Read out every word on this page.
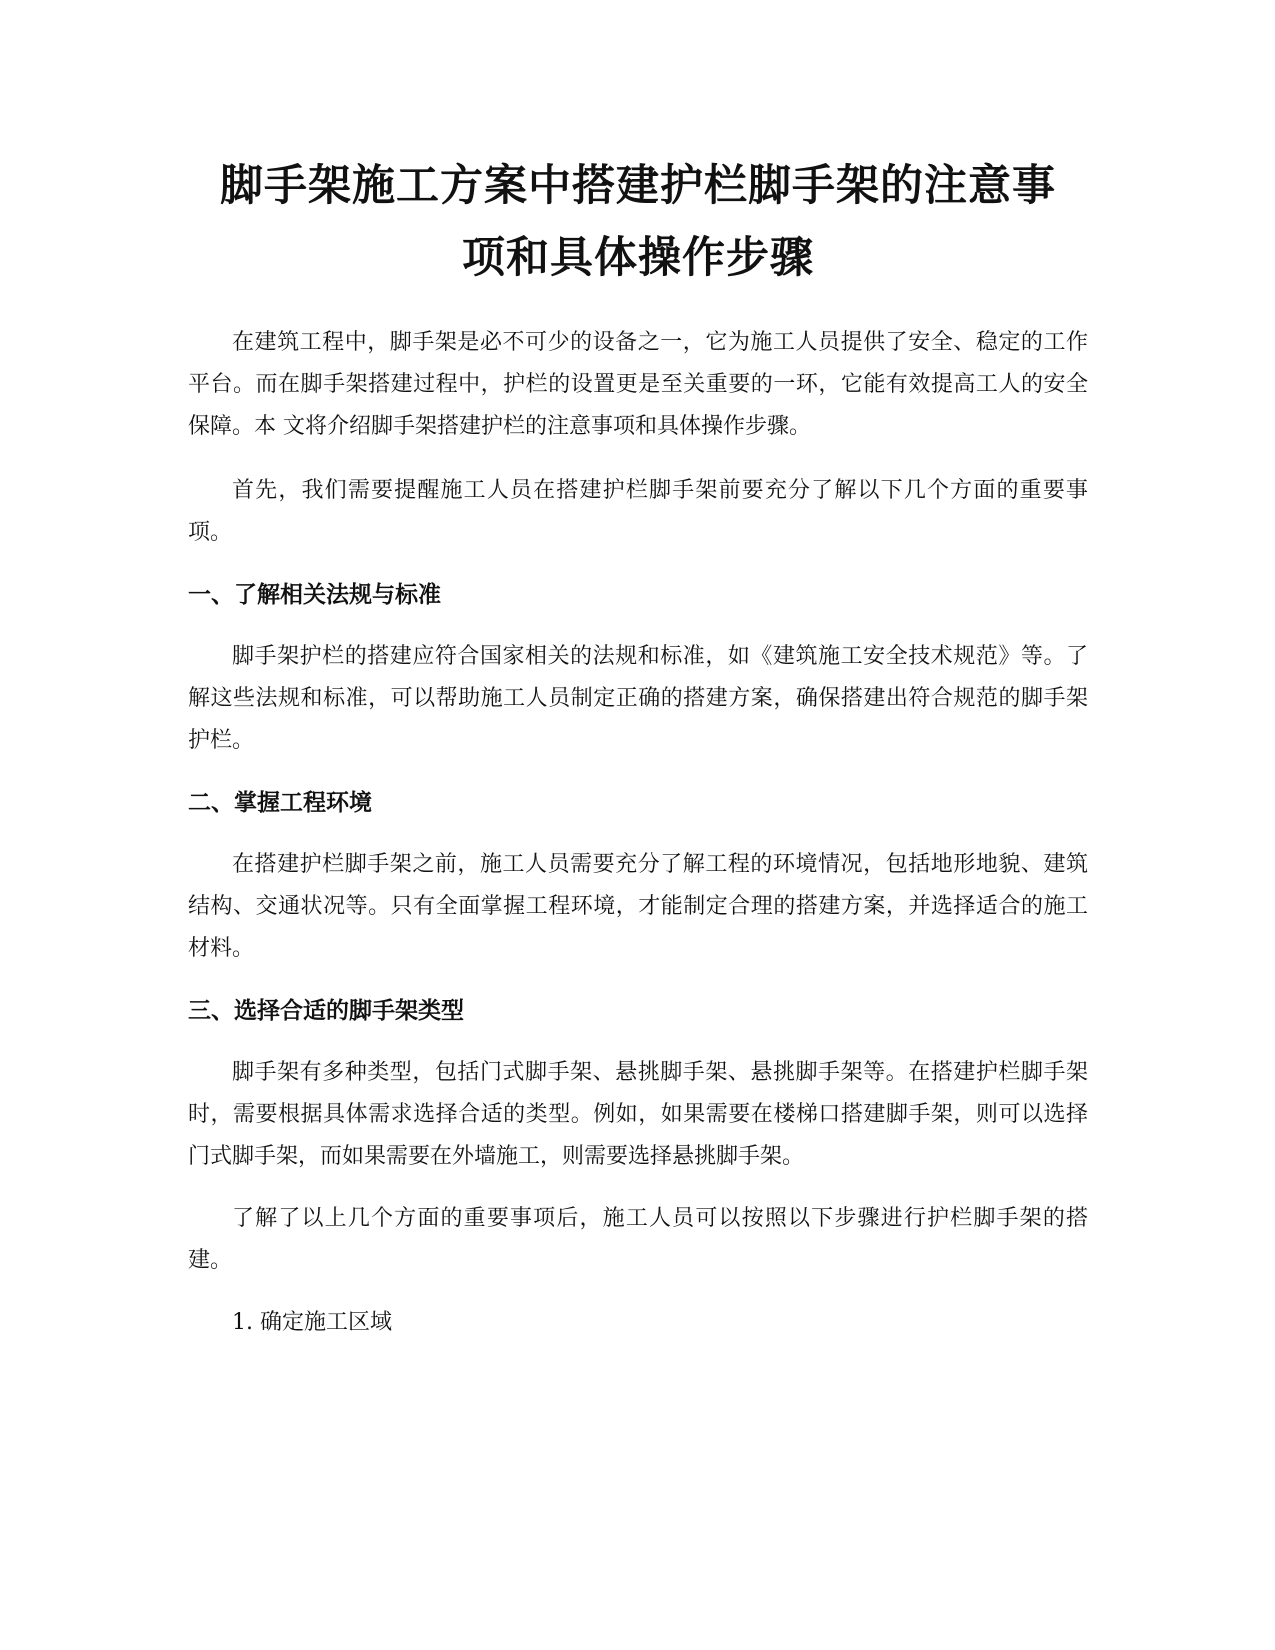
脚手架施工方案中搭建护栏脚手架的注意事
项和具体操作步骤

在建筑工程中，脚手架是必不可少的设备之一，它为施工人员提供了安全、稳定的工作平台。而在脚手架搭建过程中，护栏的设置更是至关重要的一环，它能有效提高工人的安全保障。本 文将介绍脚手架搭建护栏的注意事项和具体操作步骤。

首先，我们需要提醒施工人员在搭建护栏脚手架前要充分了解以下几个方面的重要事项。

一、了解相关法规与标准

脚手架护栏的搭建应符合国家相关的法规和标准，如《建筑施工安全技术规范》等。了解这些法规和标准，可以帮助施工人员制定正确的搭建方案，确保搭建出符合规范的脚手架护栏。

二、掌握工程环境

在搭建护栏脚手架之前，施工人员需要充分了解工程的环境情况，包括地形地貌、建筑结构、交通状况等。只有全面掌握工程环境，才能制定合理的搭建方案，并选择适合的施工材料。

三、选择合适的脚手架类型

脚手架有多种类型，包括门式脚手架、悬挑脚手架、悬挑脚手架等。在搭建护栏脚手架时，需要根据具体需求选择合适的类型。例如，如果需要在楼梯口搭建脚手架，则可以选择门式脚手架，而如果需要在外墙施工，则需要选择悬挑脚手架。

了解了以上几个方面的重要事项后，施工人员可以按照以下步骤进行护栏脚手架的搭建。

1. 确定施工区域
